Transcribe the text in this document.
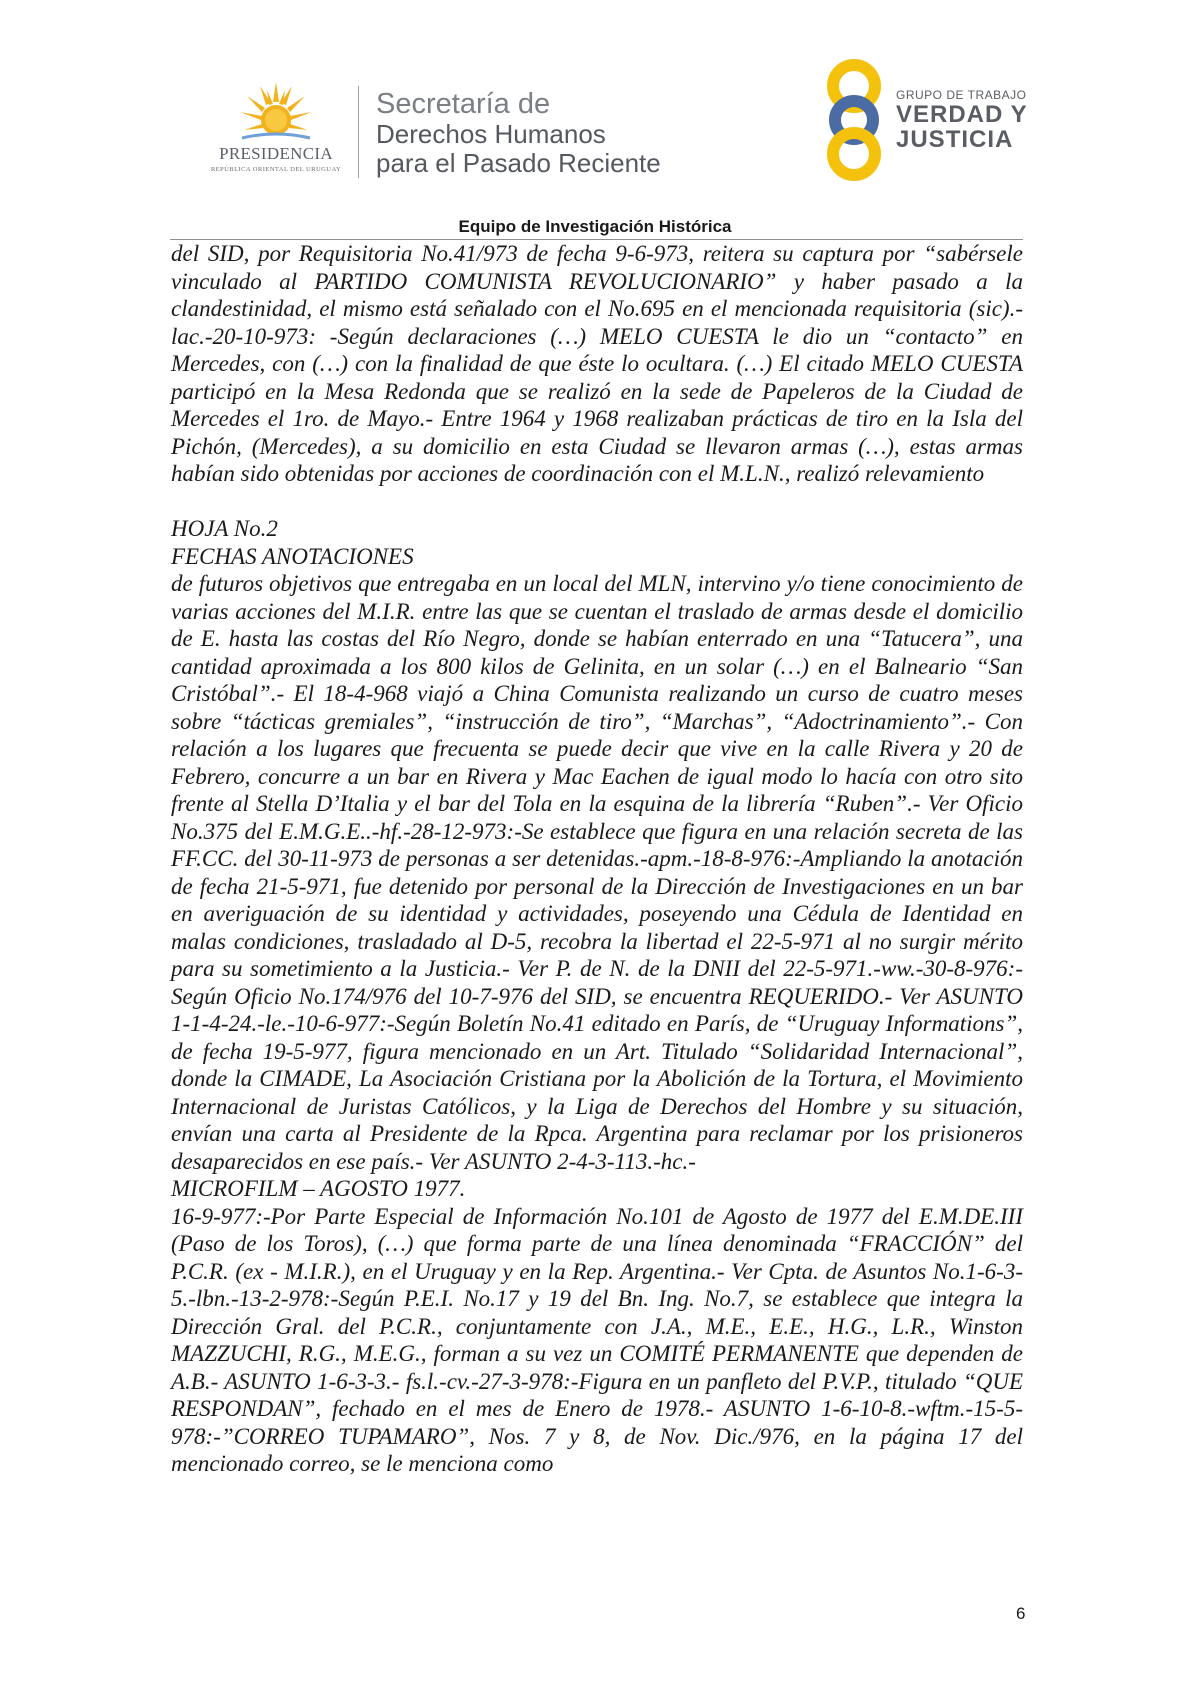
PRESIDENCIA
REPÚBLICA ORIENTAL DEL URUGUAY
Secretaría de
Derechos Humanos
para el Pasado Reciente
GRUPO DE TRABAJO
VERDAD Y
JUSTICIA
Equipo de Investigación Histórica

del SID, por Requisitoria No.41/973 de fecha 9-6-973, reitera su captura por “sabérsele vinculado al PARTIDO COMUNISTA REVOLUCIONARIO” y haber pasado a la clandestinidad, el mismo está señalado con el No.695 en el mencionada requisitoria (sic).-lac.-20-10-973: -Según declaraciones (…) MELO CUESTA le dio un “contacto” en Mercedes, con (…) con la finalidad de que éste lo ocultara. (…) El citado MELO CUESTA participó en la Mesa Redonda que se realizó en la sede de Papeleros de la Ciudad de Mercedes el 1ro. de Mayo.- Entre 1964 y 1968 realizaban prácticas de tiro en la Isla del Pichón, (Mercedes), a su domicilio en esta Ciudad se llevaron armas (…), estas armas habían sido obtenidas por acciones de coordinación con el M.L.N., realizó relevamiento

HOJA No.2
FECHAS ANOTACIONES

de futuros objetivos que entregaba en un local del MLN, intervino y/o tiene conocimiento de varias acciones del M.I.R. entre las que se cuentan el traslado de armas desde el domicilio de E. hasta las costas del Río Negro, donde se habían enterrado en una “Tatucera”, una cantidad aproximada a los 800 kilos de Gelinita, en un solar (…) en el Balneario “San Cristóbal”.- El 18-4-968 viajó a China Comunista realizando un curso de cuatro meses sobre “tácticas gremiales”, “instrucción de tiro”, “Marchas”, “Adoctrinamiento”.- Con relación a los lugares que frecuenta se puede decir que vive en la calle Rivera y 20 de Febrero, concurre a un bar en Rivera y Mac Eachen de igual modo lo hacía con otro sito frente al Stella D’Italia y el bar del Tola en la esquina de la librería “Ruben”.- Ver Oficio No.375 del E.M.G.E..-hf.-28-12-973:-Se establece que figura en una relación secreta de las FF.CC. del 30-11-973 de personas a ser detenidas.-apm.-18-8-976:-Ampliando la anotación de fecha 21-5-971, fue detenido por personal de la Dirección de Investigaciones en un bar en averiguación de su identidad y actividades, poseyendo una Cédula de Identidad en malas condiciones, trasladado al D-5, recobra la libertad el 22-5-971 al no surgir mérito para su sometimiento a la Justicia.- Ver P. de N. de la DNII del 22-5-971.-ww.-30-8-976:-Según Oficio No.174/976 del 10-7-976 del SID, se encuentra REQUERIDO.- Ver ASUNTO 1-1-4-24.-le.-10-6-977:-Según Boletín No.41 editado en París, de “Uruguay Informations”, de fecha 19-5-977, figura mencionado en un Art. Titulado “Solidaridad Internacional”, donde la CIMADE, La Asociación Cristiana por la Abolición de la Tortura, el Movimiento Internacional de Juristas Católicos, y la Liga de Derechos del Hombre y su situación, envían una carta al Presidente de la Rpca. Argentina para reclamar por los prisioneros desaparecidos en ese país.- Ver ASUNTO 2-4-3-113.-hc.-

MICROFILM – AGOSTO 1977.

16-9-977:-Por Parte Especial de Información No.101 de Agosto de 1977 del E.M.DE.III (Paso de los Toros), (…) que forma parte de una línea denominada “FRACCIÓN” del P.C.R. (ex - M.I.R.), en el Uruguay y en la Rep. Argentina.- Ver Cpta. de Asuntos No.1-6-3-5.-lbn.-13-2-978:-Según P.E.I. No.17 y 19 del Bn. Ing. No.7, se establece que integra la Dirección Gral. del P.C.R., conjuntamente con J.A., M.E., E.E., H.G., L.R., Winston MAZZUCHI, R.G., M.E.G., forman a su vez un COMITÉ PERMANENTE que dependen de A.B.- ASUNTO 1-6-3-3.- fs.l.-cv.-27-3-978:-Figura en un panfleto del P.V.P., titulado “QUE RESPONDAN”, fechado en el mes de Enero de 1978.- ASUNTO 1-6-10-8.-wftm.-15-5- 978:-”CORREO TUPAMARO”, Nos. 7 y 8, de Nov. Dic./976, en la página 17 del mencionado correo, se le menciona como

6
